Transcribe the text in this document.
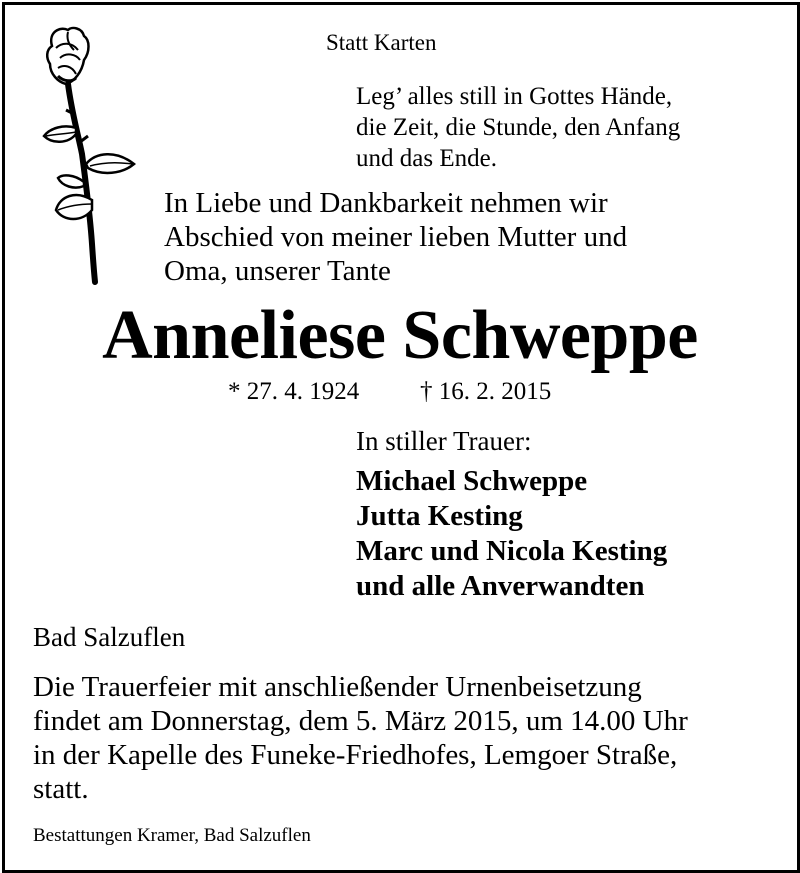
Statt Karten
Leg’ alles still in Gottes Hände,
die Zeit, die Stunde, den Anfang
und das Ende.
In Liebe und Dankbarkeit nehmen wir
Abschied von meiner lieben Mutter und
Oma, unserer Tante
Anneliese Schweppe
* 27. 4. 1924 † 16. 2. 2015
In stiller Trauer:
Michael Schweppe
Jutta Kesting
Marc und Nicola Kesting
und alle Anverwandten
Bad Salzuflen
Die Trauerfeier mit anschließender Urnenbeisetzung
findet am Donnerstag, dem 5. März 2015, um 14.00 Uhr
in der Kapelle des Funeke-Friedhofes, Lemgoer Straße,
statt.
Bestattungen Kramer, Bad Salzuflen
